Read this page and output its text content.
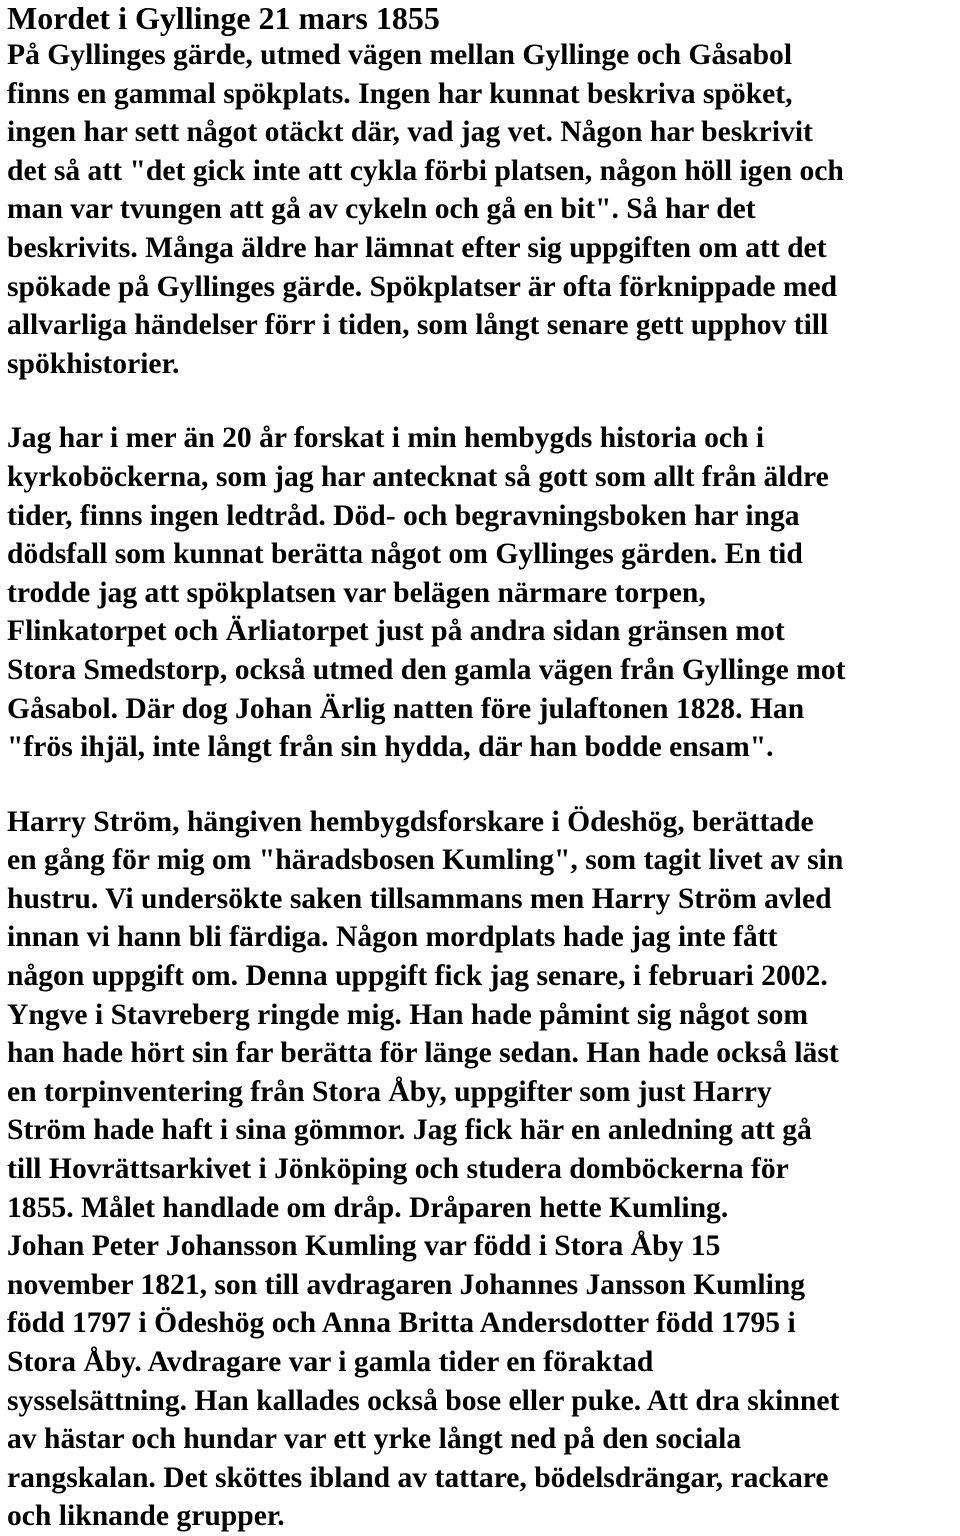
Mordet i Gyllinge 21 mars 1855

På Gyllinges gärde, utmed vägen mellan Gyllinge och Gåsabol
finns en gammal spökplats. Ingen har kunnat beskriva spöket,
ingen har sett något otäckt där, vad jag vet. Någon har beskrivit
det så att "det gick inte att cykla förbi platsen, någon höll igen och
man var tvungen att gå av cykeln och gå en bit". Så har det
beskrivits. Många äldre har lämnat efter sig uppgiften om att det
spökade på Gyllinges gärde. Spökplatser är ofta förknippade med
allvarliga händelser förr i tiden, som långt senare gett upphov till
spökhistorier.

Jag har i mer än 20 år forskat i min hembygds historia och i
kyrkoböckerna, som jag har antecknat så gott som allt från äldre
tider, finns ingen ledtråd. Död- och begravningsboken har inga
dödsfall som kunnat berätta något om Gyllinges gärden. En tid
trodde jag att spökplatsen var belägen närmare torpen,
Flinkatorpet och Ärliatorpet just på andra sidan gränsen mot
Stora Smedstorp, också utmed den gamla vägen från Gyllinge mot
Gåsabol. Där dog Johan Ärlig natten före julaftonen 1828. Han
"frös ihjäl, inte långt från sin hydda, där han bodde ensam".

Harry Ström, hängiven hembygdsforskare i Ödeshög, berättade
en gång för mig om "häradsbosen Kumling", som tagit livet av sin
hustru. Vi undersökte saken tillsammans men Harry Ström avled
innan vi hann bli färdiga. Någon mordplats hade jag inte fått
någon uppgift om. Denna uppgift fick jag senare, i februari 2002.
Yngve i Stavreberg ringde mig. Han hade påmint sig något som
han hade hört sin far berätta för länge sedan. Han hade också läst
en torpinventering från Stora Åby, uppgifter som just Harry
Ström hade haft i sina gömmor. Jag fick här en anledning att gå
till Hovrättsarkivet i Jönköping och studera domböckerna för
1855. Målet handlade om dråp. Dråparen hette Kumling.
Johan Peter Johansson Kumling var född i Stora Åby 15
november 1821, son till avdragaren Johannes Jansson Kumling
född 1797 i Ödeshög och Anna Britta Andersdotter född 1795 i
Stora Åby. Avdragare var i gamla tider en föraktad
sysselsättning. Han kallades också bose eller puke. Att dra skinnet
av hästar och hundar var ett yrke långt ned på den sociala
rangskalan. Det sköttes ibland av tattare, bödelsdrängar, rackare
och liknande grupper.
